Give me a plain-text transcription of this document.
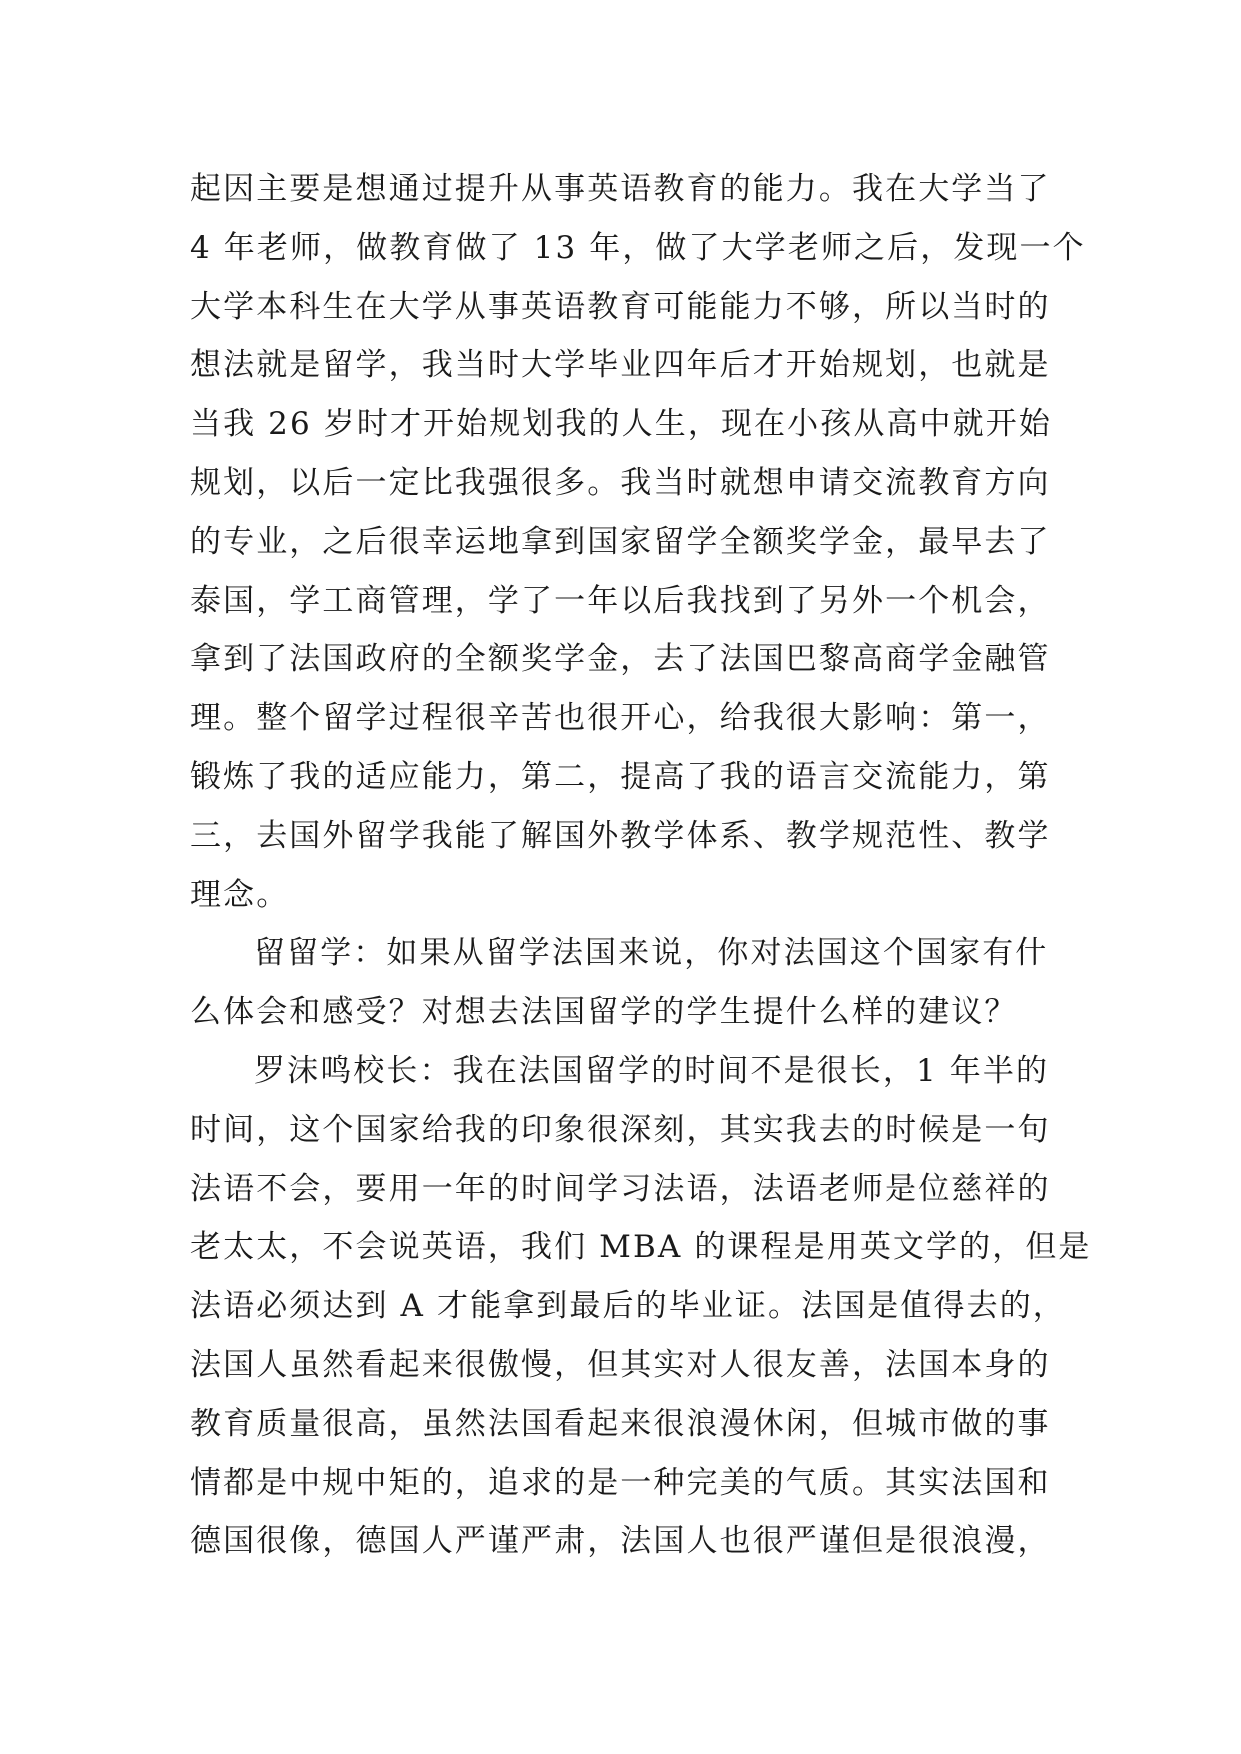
起因主要是想通过提升从事英语教育的能力。我在大学当了
4 年老师，做教育做了 13 年，做了大学老师之后，发现一个
大学本科生在大学从事英语教育可能能力不够，所以当时的
想法就是留学，我当时大学毕业四年后才开始规划，也就是
当我 26 岁时才开始规划我的人生，现在小孩从高中就开始
规划，以后一定比我强很多。我当时就想申请交流教育方向
的专业，之后很幸运地拿到国家留学全额奖学金，最早去了
泰国，学工商管理，学了一年以后我找到了另外一个机会，
拿到了法国政府的全额奖学金，去了法国巴黎高商学金融管
理。整个留学过程很辛苦也很开心，给我很大影响：第一，
锻炼了我的适应能力，第二，提高了我的语言交流能力，第
三，去国外留学我能了解国外教学体系、教学规范性、教学
理念。
留留学：如果从留学法国来说，你对法国这个国家有什
么体会和感受？对想去法国留学的学生提什么样的建议？
罗沫鸣校长：我在法国留学的时间不是很长，1 年半的
时间，这个国家给我的印象很深刻，其实我去的时候是一句
法语不会，要用一年的时间学习法语，法语老师是位慈祥的
老太太，不会说英语，我们 MBA 的课程是用英文学的，但是
法语必须达到 A 才能拿到最后的毕业证。法国是值得去的，
法国人虽然看起来很傲慢，但其实对人很友善，法国本身的
教育质量很高，虽然法国看起来很浪漫休闲，但城市做的事
情都是中规中矩的，追求的是一种完美的气质。其实法国和
德国很像，德国人严谨严肃，法国人也很严谨但是很浪漫，
